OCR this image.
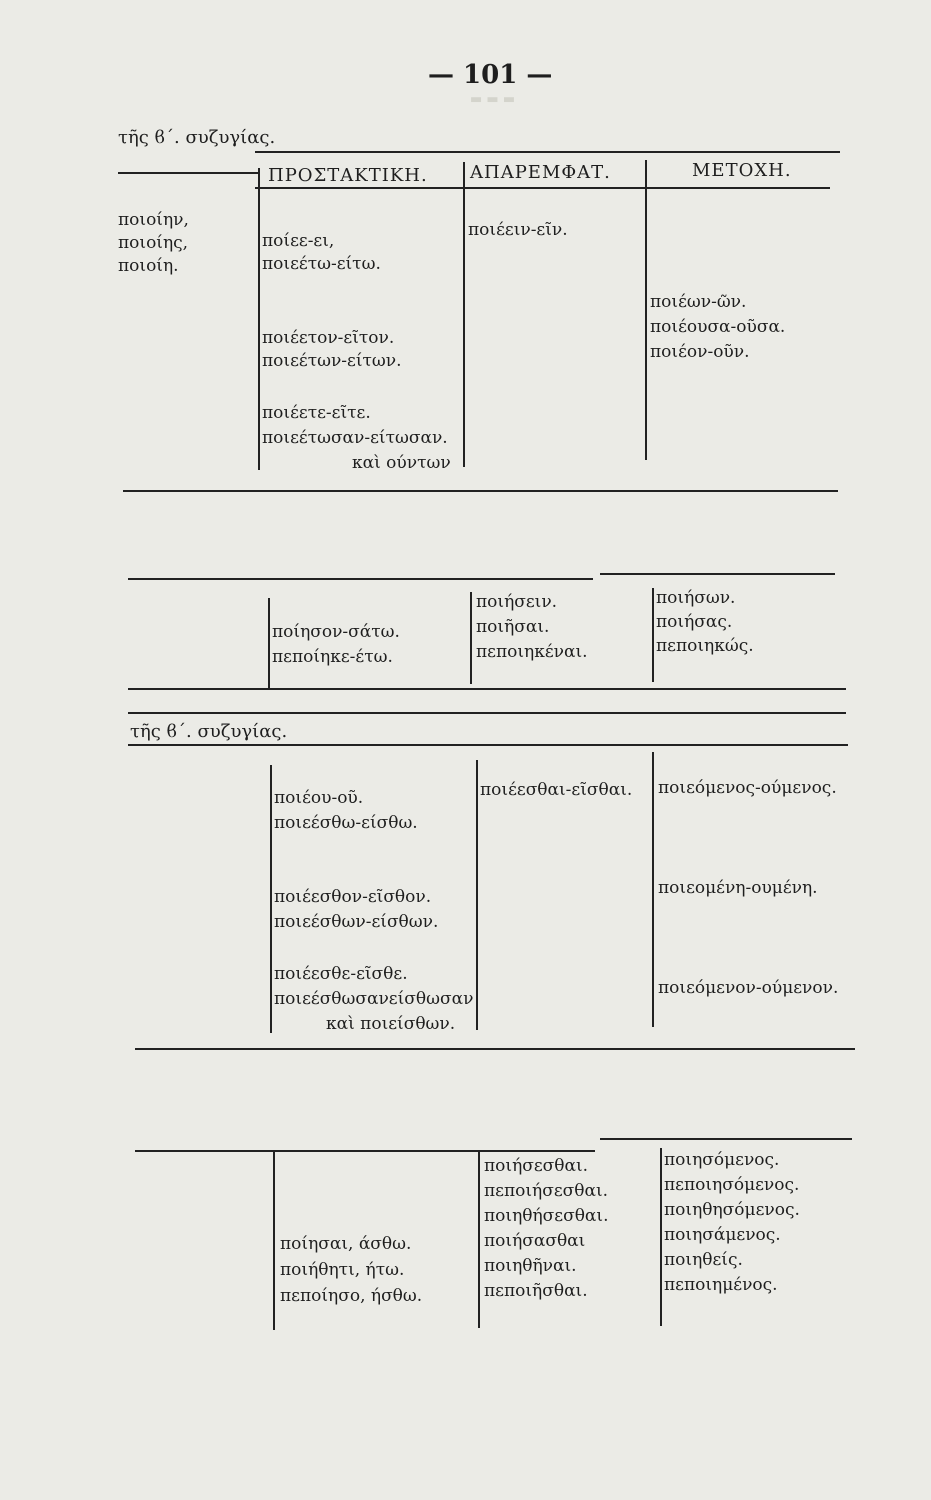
▬ ▬ ▬
— 101 —
τῆς ϐ΄. συζυγίας.
ΠΡΟΣΤΑΚΤΙΚΗ. ΑΠΑΡΕΜΦΑΤ.	ΜΕΤΟΧΗ.
ποιοίην,
ποιοίης,
ποιοίη.
ποίεε-ει,
ποιεέτω-είτω.
ποιέετον-εῖτον.
ποιεέτων-είτων.
ποιέετε-εῖτε.
ποιεέτωσαν-είτωσαν.
καὶ ούντων
ποιέειν-εῖν.
ποιέων-ῶν.
ποιέουσα-οῦσα.
ποιέον-οῦν.
ποίησον-σάτω.
πεποίηκε-έτω.
ποιήσειν.
ποιῆσαι.
πεποιηκέναι.
ποιήσων.
ποιήσας.
πεποιηκώς.
τῆς ϐ΄. συζυγίας.
ποιέου-οῦ.
ποιεέσθω-είσθω.
ποιέεσθον-εῖσθον.
ποιεέσθων-είσθων.
ποιέεσθε-εῖσθε.
ποιεέσθωσανείσθωσαν
καὶ ποιείσθων.
ποιέεσθαι-εῖσθαι. ποιεόμενος-ούμενος.
ποιεομένη-ουμένη.
ποιεόμενον-ούμενον.
ποίησαι, άσθω.
ποιήθητι, ήτω.
πεποίησο, ήσθω.
ποιήσεσθαι.
πεποιήσεσθαι.
ποιηθήσεσθαι.
ποιήσασθαι
ποιηθῆναι.
πεποιῆσθαι.
ποιησόμενος.
πεποιησόμενος.
ποιηθησόμενος.
ποιησάμενος.
ποιηθείς.
πεποιημένος.
